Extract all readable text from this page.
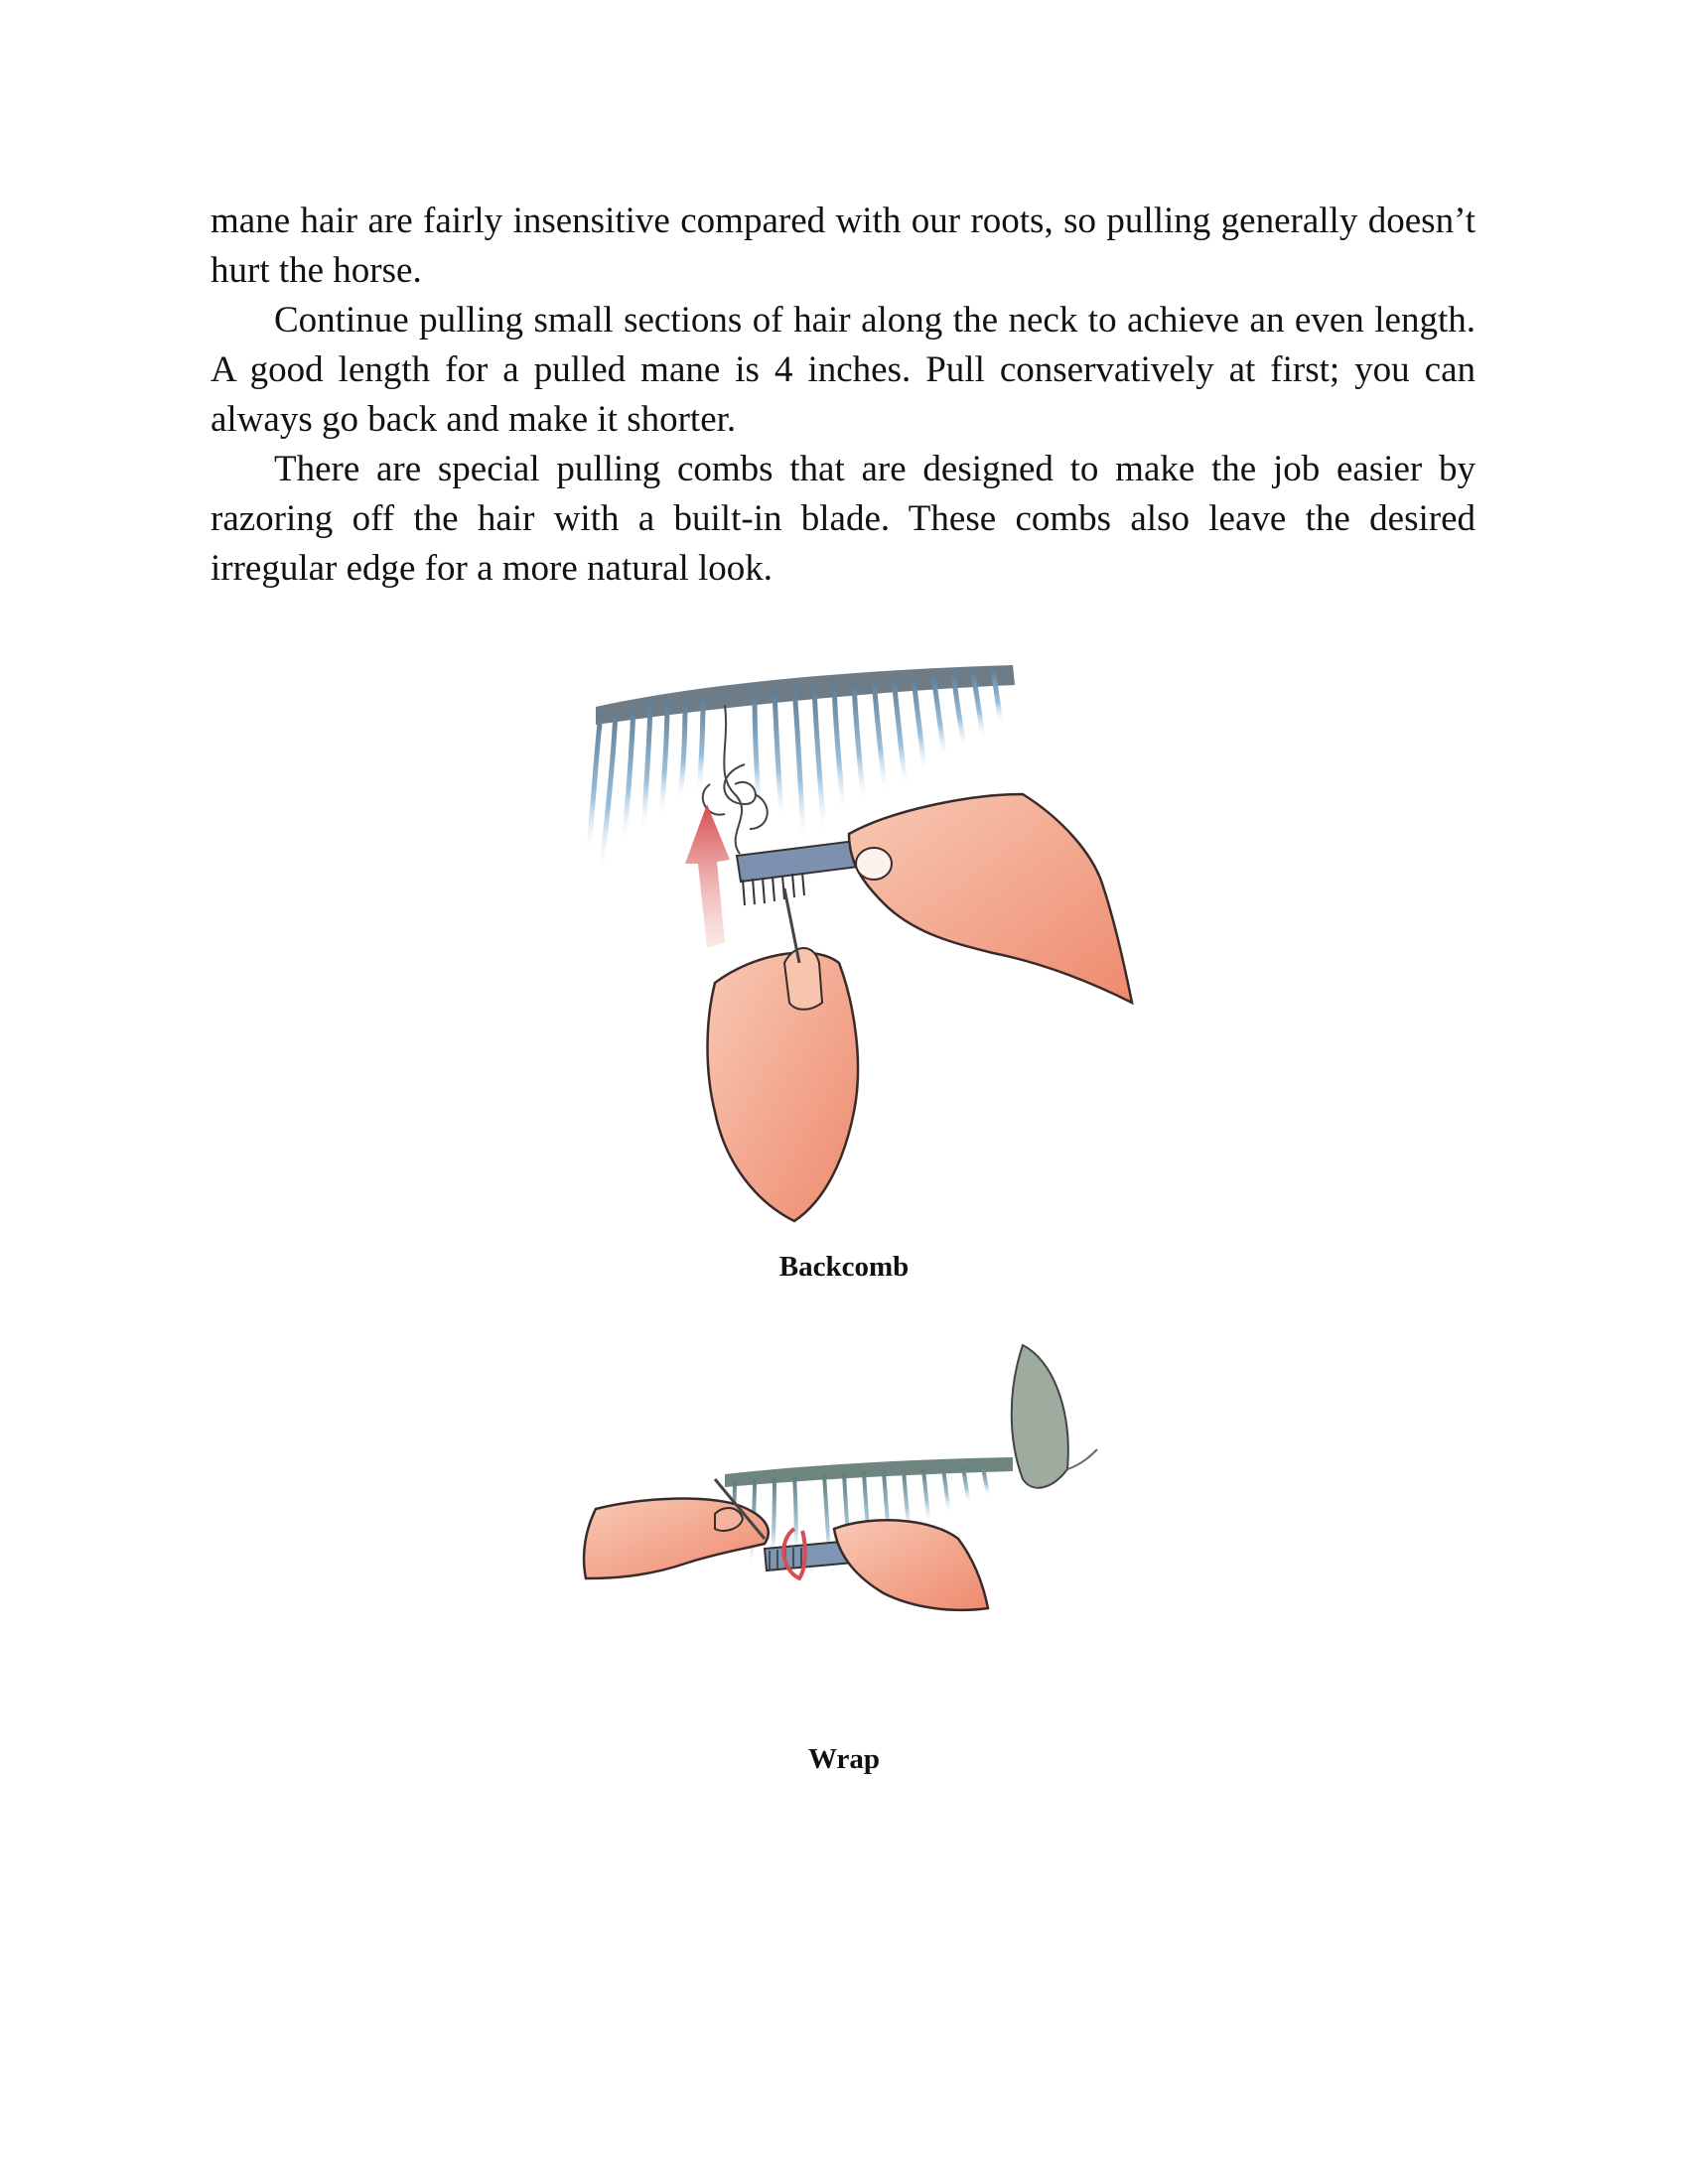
mane hair are fairly insensitive compared with our roots, so pulling generally doesn’t hurt the horse.

Continue pulling small sections of hair along the neck to achieve an even length. A good length for a pulled mane is 4 inches. Pull conservatively at first; you can always go back and make it shorter.

There are special pulling combs that are designed to make the job easier by razoring off the hair with a built-in blade. These combs also leave the desired irregular edge for a more natural look.

Backcomb
Wrap
